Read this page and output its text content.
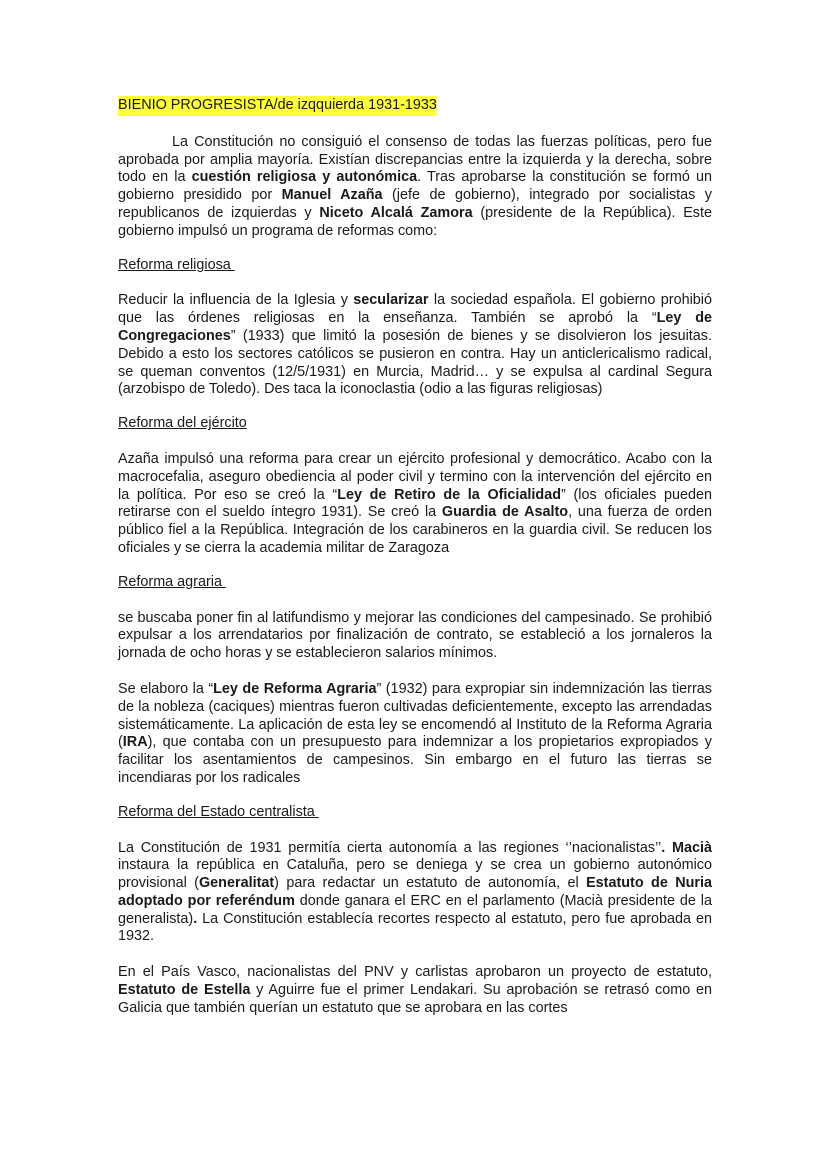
BIENIO PROGRESISTA/de izqquierda 1931-1933

La Constitución no consiguió el consenso de todas las fuerzas políticas, pero fue aprobada por amplia mayoría. Existían discrepancias entre la izquierda y la derecha, sobre todo en la cuestión religiosa y autonómica. Tras aprobarse la constitución se formó un gobierno presidido por Manuel Azaña (jefe de gobierno), integrado por socialistas y republicanos de izquierdas y Niceto Alcalá Zamora (presidente de la República). Este gobierno impulsó un programa de reformas como:

Reforma religiosa

Reducir la influencia de la Iglesia y secularizar la sociedad española. El gobierno prohibió que las órdenes religiosas en la enseñanza. También se aprobó la “Ley de Congregaciones” (1933) que limitó la posesión de bienes y se disolvieron los jesuitas. Debido a esto los sectores católicos se pusieron en contra. Hay un anticlericalismo radical, se queman conventos (12/5/1931) en Murcia, Madrid… y se expulsa al cardinal Segura (arzobispo de Toledo). Des taca la iconoclastia (odio a las figuras religiosas)

Reforma del ejército

Azaña impulsó una reforma para crear un ejército profesional y democrático. Acabo con la macrocefalia, aseguro obediencia al poder civil y termino con la intervención del ejército en la política. Por eso se creó la “Ley de Retiro de la Oficialidad” (los oficiales pueden retirarse con el sueldo íntegro 1931). Se creó la Guardia de Asalto, una fuerza de orden público fiel a la República. Integración de los carabineros en la guardia civil. Se reducen los oficiales y se cierra la academia militar de Zaragoza

Reforma agraria

se buscaba poner fin al latifundismo y mejorar las condiciones del campesinado. Se prohibió expulsar a los arrendatarios por finalización de contrato, se estableció a los jornaleros la jornada de ocho horas y se establecieron salarios mínimos.

Se elaboro la “Ley de Reforma Agraria” (1932) para expropiar sin indemnización las tierras de la nobleza (caciques) mientras fueron cultivadas deficientemente, excepto las arrendadas sistemáticamente. La aplicación de esta ley se encomendó al Instituto de la Reforma Agraria (IRA), que contaba con un presupuesto para indemnizar a los propietarios expropiados y facilitar los asentamientos de campesinos. Sin embargo en el futuro las tierras se incendiaras por los radicales

Reforma del Estado centralista

La Constitución de 1931 permitía cierta autonomía a las regiones ‘’nacionalistas’’. Macià instaura la república en Cataluña, pero se deniega y se crea un gobierno autonómico provisional (Generalitat) para redactar un estatuto de autonomía, el Estatuto de Nuria adoptado por referéndum donde ganara el ERC en el parlamento (Macià presidente de la generalista). La Constitución establecía recortes respecto al estatuto, pero fue aprobada en 1932.

En el País Vasco, nacionalistas del PNV y carlistas aprobaron un proyecto de estatuto, Estatuto de Estella y Aguirre fue el primer Lendakari. Su aprobación se retrasó como en Galicia que también querían un estatuto que se aprobara en las cortes
